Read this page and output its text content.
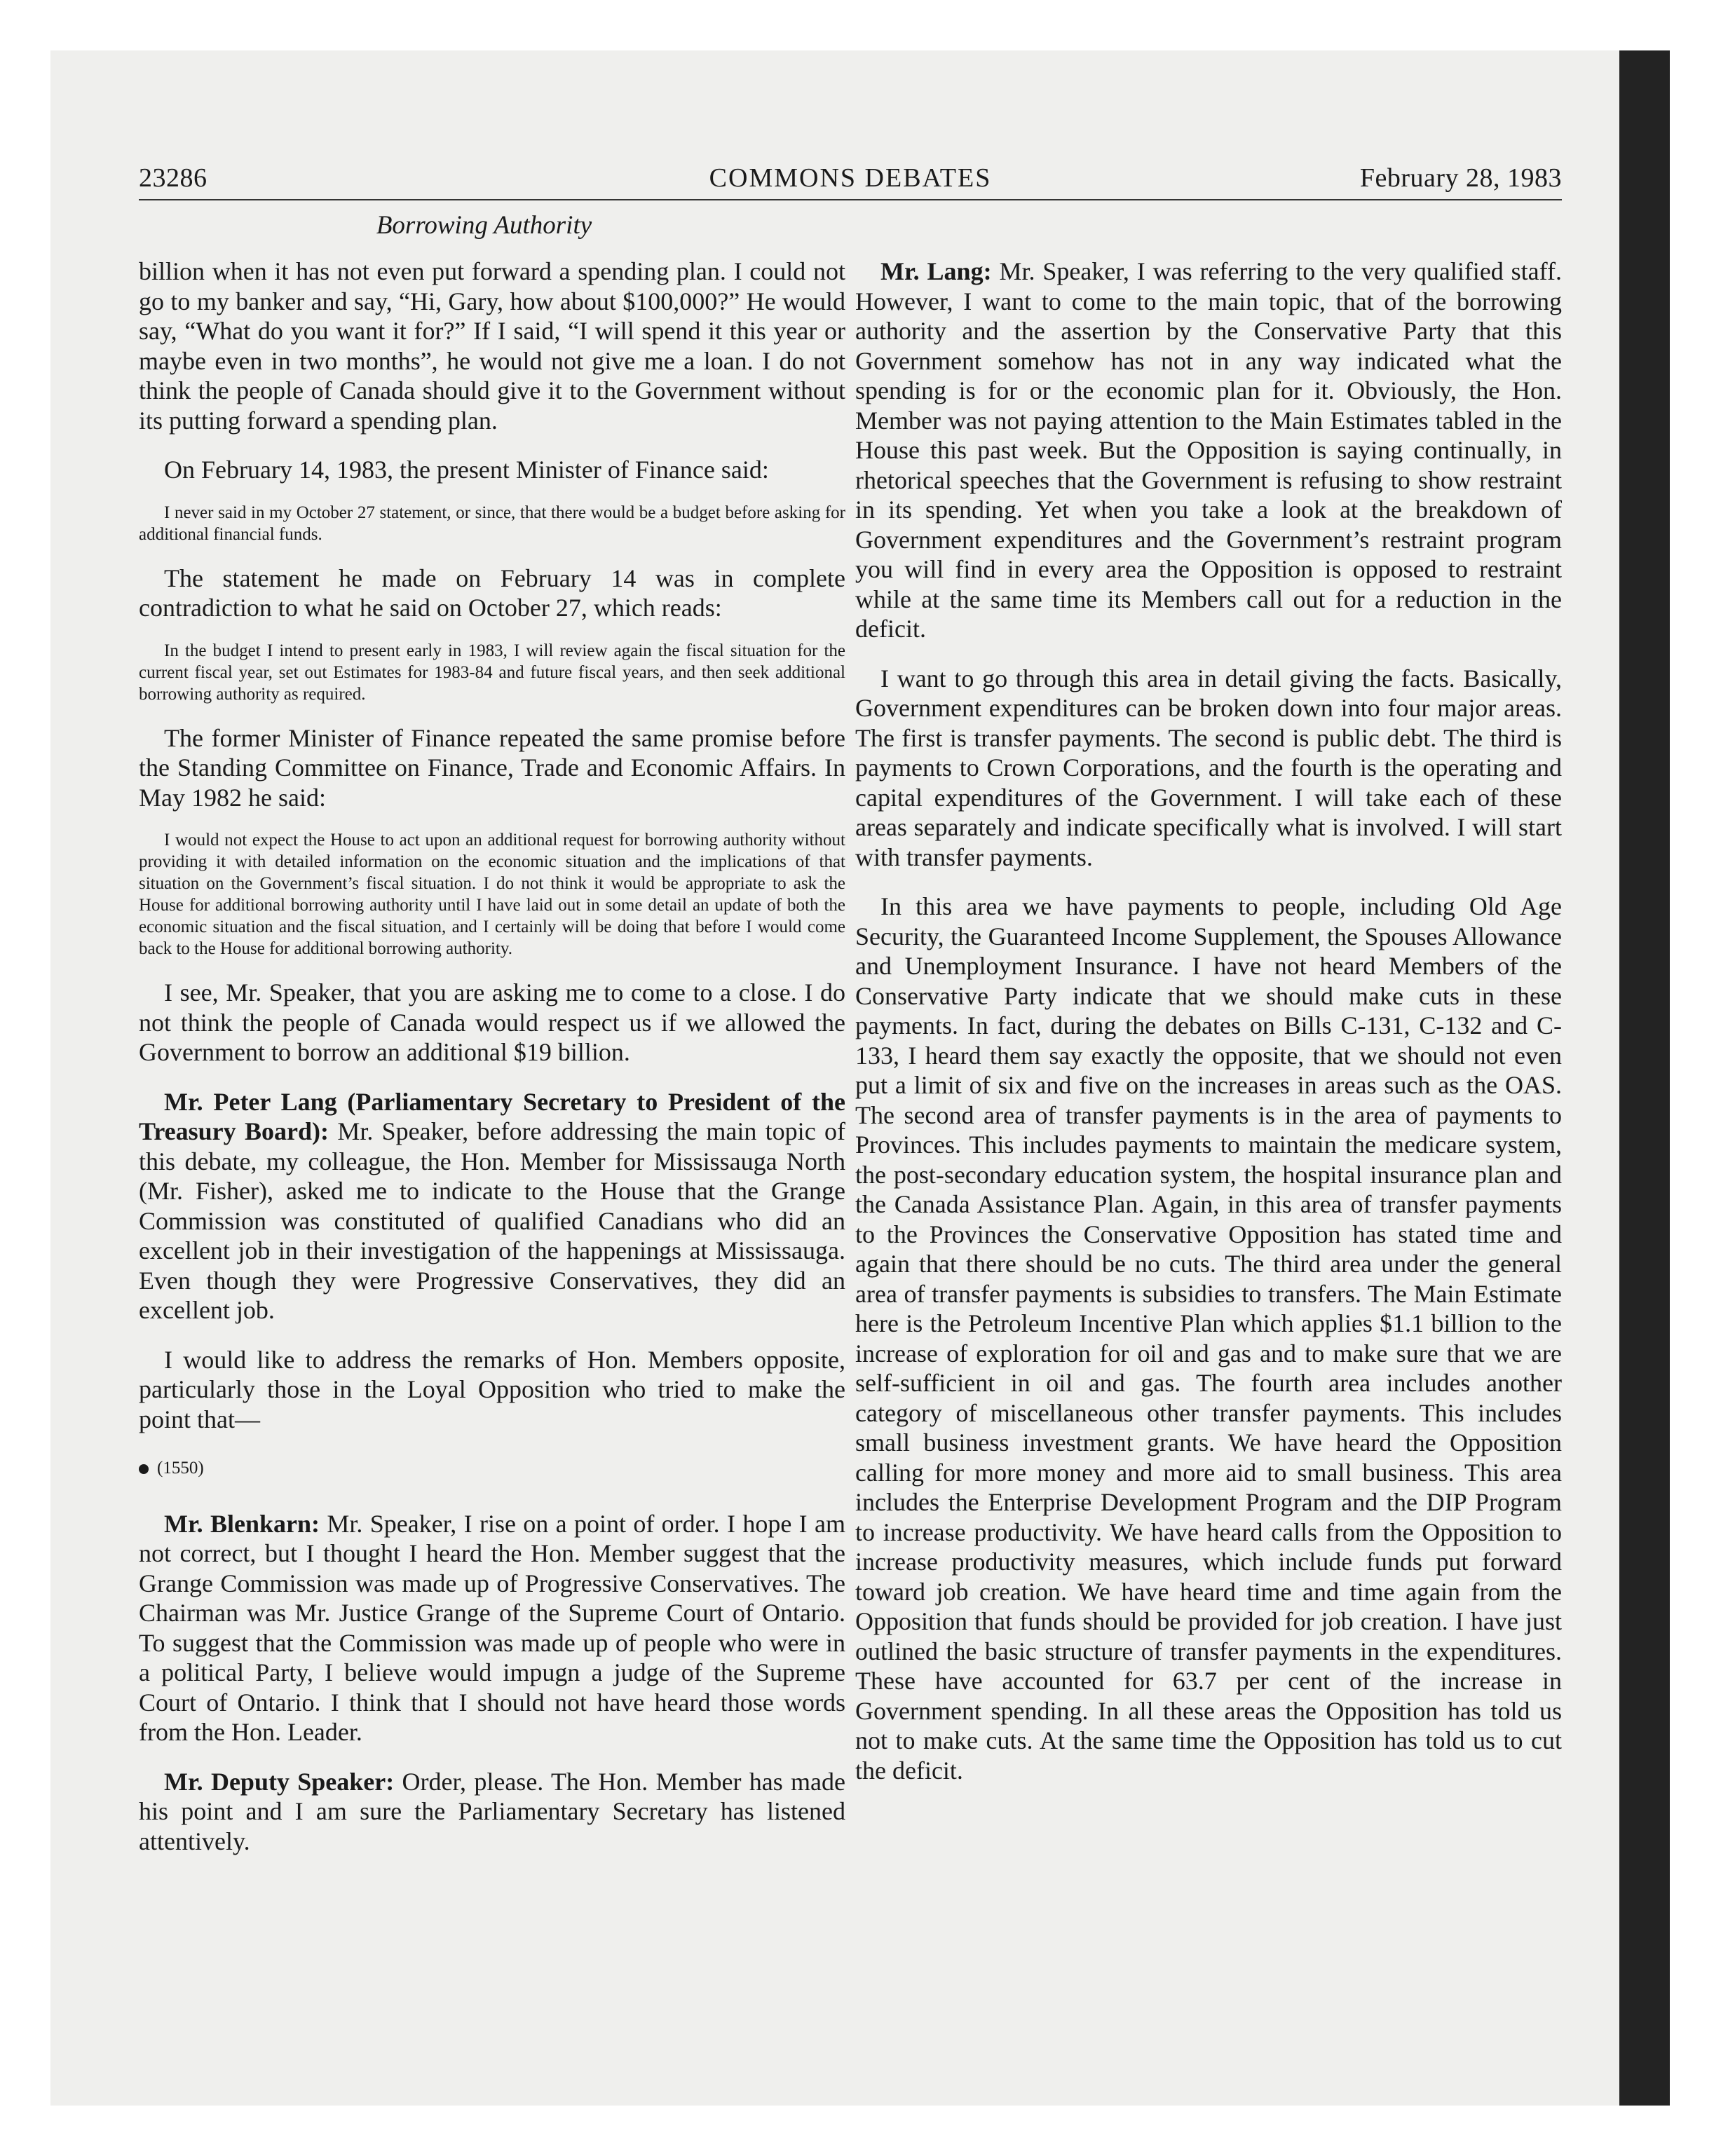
23286	COMMONS DEBATES	February 28, 1983
Borrowing Authority

billion when it has not even put forward a spending plan. I could not go to my banker and say, “Hi, Gary, how about $100,000?” He would say, “What do you want it for?” If I said, “I will spend it this year or maybe even in two months”, he would not give me a loan. I do not think the people of Canada should give it to the Government without its putting forward a spending plan.

On February 14, 1983, the present Minister of Finance said:

I never said in my October 27 statement, or since, that there would be a budget before asking for additional financial funds.

The statement he made on February 14 was in complete contradiction to what he said on October 27, which reads:

In the budget I intend to present early in 1983, I will review again the fiscal situation for the current fiscal year, set out Estimates for 1983-84 and future fiscal years, and then seek additional borrowing authority as required.

The former Minister of Finance repeated the same promise before the Standing Committee on Finance, Trade and Economic Affairs. In May 1982 he said:

I would not expect the House to act upon an additional request for borrowing authority without providing it with detailed information on the economic situation and the implications of that situation on the Government’s fiscal situation. I do not think it would be appropriate to ask the House for additional borrowing authority until I have laid out in some detail an update of both the economic situation and the fiscal situation, and I certainly will be doing that before I would come back to the House for additional borrowing authority.

I see, Mr. Speaker, that you are asking me to come to a close. I do not think the people of Canada would respect us if we allowed the Government to borrow an additional $19 billion.

Mr. Peter Lang (Parliamentary Secretary to President of the Treasury Board): Mr. Speaker, before addressing the main topic of this debate, my colleague, the Hon. Member for Mississauga North (Mr. Fisher), asked me to indicate to the House that the Grange Commission was constituted of qualified Canadians who did an excellent job in their investigation of the happenings at Mississauga. Even though they were Progressive Conservatives, they did an excellent job.

I would like to address the remarks of Hon. Members opposite, particularly those in the Loyal Opposition who tried to make the point that—

(1550)

Mr. Blenkarn: Mr. Speaker, I rise on a point of order. I hope I am not correct, but I thought I heard the Hon. Member suggest that the Grange Commission was made up of Progressive Conservatives. The Chairman was Mr. Justice Grange of the Supreme Court of Ontario. To suggest that the Commission was made up of people who were in a political Party, I believe would impugn a judge of the Supreme Court of Ontario. I think that I should not have heard those words from the Hon. Leader.

Mr. Deputy Speaker: Order, please. The Hon. Member has made his point and I am sure the Parliamentary Secretary has listened attentively.

Mr. Lang: Mr. Speaker, I was referring to the very qualified staff. However, I want to come to the main topic, that of the borrowing authority and the assertion by the Conservative Party that this Government somehow has not in any way indicated what the spending is for or the economic plan for it. Obviously, the Hon. Member was not paying attention to the Main Estimates tabled in the House this past week. But the Opposition is saying continually, in rhetorical speeches that the Government is refusing to show restraint in its spending. Yet when you take a look at the breakdown of Government expenditures and the Government’s restraint program you will find in every area the Opposition is opposed to restraint while at the same time its Members call out for a reduction in the deficit.

I want to go through this area in detail giving the facts. Basically, Government expenditures can be broken down into four major areas. The first is transfer payments. The second is public debt. The third is payments to Crown Corporations, and the fourth is the operating and capital expenditures of the Government. I will take each of these areas separately and indicate specifically what is involved. I will start with transfer payments.

In this area we have payments to people, including Old Age Security, the Guaranteed Income Supplement, the Spouses Allowance and Unemployment Insurance. I have not heard Members of the Conservative Party indicate that we should make cuts in these payments. In fact, during the debates on Bills C-131, C-132 and C-133, I heard them say exactly the opposite, that we should not even put a limit of six and five on the increases in areas such as the OAS. The second area of transfer payments is in the area of payments to Provinces. This includes payments to maintain the medicare system, the post-secondary education system, the hospital insurance plan and the Canada Assistance Plan. Again, in this area of transfer payments to the Provinces the Conservative Opposition has stated time and again that there should be no cuts. The third area under the general area of transfer payments is subsidies to transfers. The Main Estimate here is the Petroleum Incentive Plan which applies $1.1 billion to the increase of exploration for oil and gas and to make sure that we are self-sufficient in oil and gas. The fourth area includes another category of miscellaneous other transfer payments. This includes small business investment grants. We have heard the Opposition calling for more money and more aid to small business. This area includes the Enterprise Development Program and the DIP Program to increase productivity. We have heard calls from the Opposition to increase productivity measures, which include funds put forward toward job creation. We have heard time and time again from the Opposition that funds should be provided for job creation. I have just outlined the basic structure of transfer payments in the expenditures. These have accounted for 63.7 per cent of the increase in Government spending. In all these areas the Opposition has told us not to make cuts. At the same time the Opposition has told us to cut the deficit.
